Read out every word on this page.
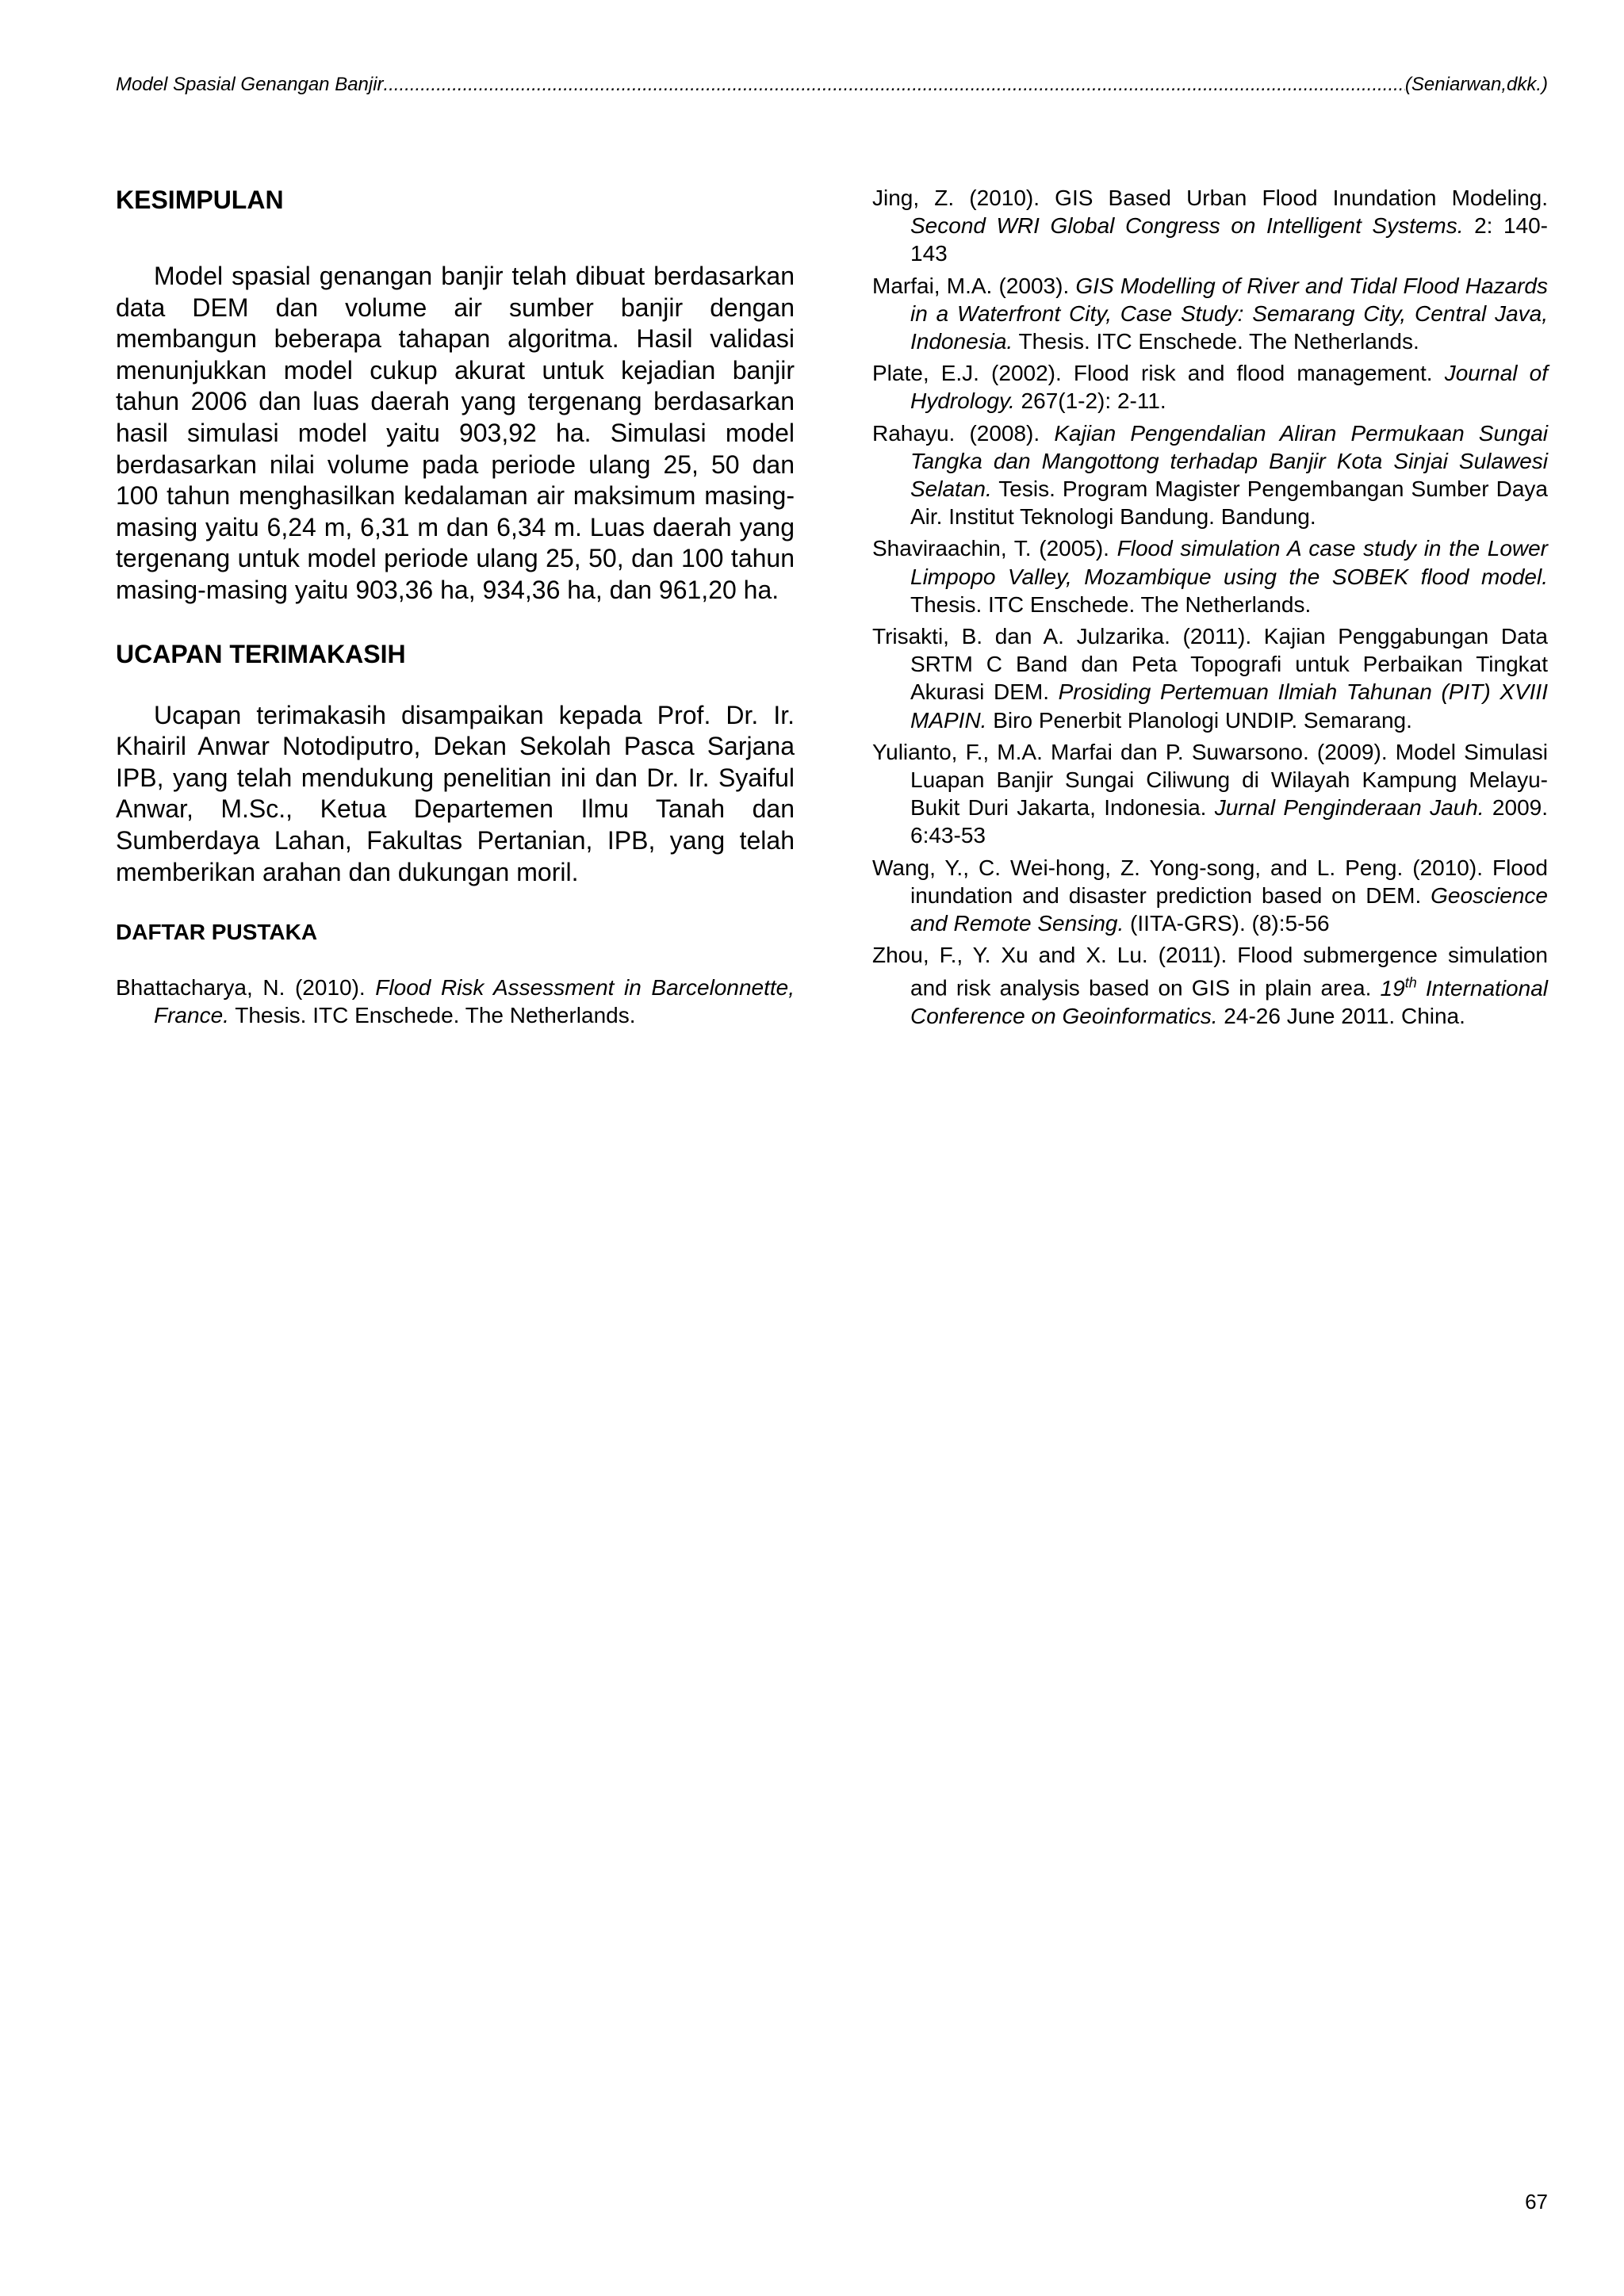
Model Spasial Genangan Banjir
.....	(Seniarwan,dkk.)
KESIMPULAN

Model spasial genangan banjir telah dibuat berdasarkan data DEM dan volume air sumber banjir dengan membangun beberapa tahapan algoritma. Hasil validasi menunjukkan model cukup akurat untuk kejadian banjir tahun 2006 dan luas daerah yang tergenang berdasarkan hasil simulasi model yaitu 903,92 ha. Simulasi model berdasarkan nilai volume pada periode ulang 25, 50 dan 100 tahun menghasilkan kedalaman air maksimum masing-masing yaitu 6,24 m, 6,31 m dan 6,34 m. Luas daerah yang tergenang untuk model periode ulang 25, 50, dan 100 tahun masing-masing yaitu 903,36 ha, 934,36 ha, dan 961,20 ha.

UCAPAN TERIMAKASIH

Ucapan terimakasih disampaikan kepada Prof. Dr. Ir. Khairil Anwar Notodiputro, Dekan Sekolah Pasca Sarjana IPB, yang telah mendukung penelitian ini dan Dr. Ir. Syaiful Anwar, M.Sc., Ketua Departemen Ilmu Tanah dan Sumberdaya Lahan, Fakultas Pertanian, IPB, yang telah memberikan arahan dan dukungan moril.

DAFTAR PUSTAKA

Bhattacharya, N. (2010). Flood Risk Assessment in Barcelonnette, France. Thesis. ITC Enschede. The Netherlands.

Jing, Z. (2010). GIS Based Urban Flood Inundation Modeling. Second WRI Global Congress on Intelligent Systems. 2: 140-143

Marfai, M.A. (2003). GIS Modelling of River and Tidal Flood Hazards in a Waterfront City, Case Study: Semarang City, Central Java, Indonesia. Thesis. ITC Enschede. The Netherlands.

Plate, E.J. (2002). Flood risk and flood management. Journal of Hydrology. 267(1-2): 2-11.

Rahayu. (2008). Kajian Pengendalian Aliran Permukaan Sungai Tangka dan Mangottong terhadap Banjir Kota Sinjai Sulawesi Selatan. Tesis. Program Magister Pengembangan Sumber Daya Air. Institut Teknologi Bandung. Bandung.

Shaviraachin, T. (2005). Flood simulation A case study in the Lower Limpopo Valley, Mozambique using the SOBEK flood model. Thesis. ITC Enschede. The Netherlands.

Trisakti, B. dan A. Julzarika. (2011). Kajian Penggabungan Data SRTM C Band dan Peta Topografi untuk Perbaikan Tingkat Akurasi DEM. Prosiding Pertemuan Ilmiah Tahunan (PIT) XVIII MAPIN. Biro Penerbit Planologi UNDIP. Semarang.

Yulianto, F., M.A. Marfai dan P. Suwarsono. (2009). Model Simulasi Luapan Banjir Sungai Ciliwung di Wilayah Kampung Melayu-Bukit Duri Jakarta, Indonesia. Jurnal Penginderaan Jauh. 2009. 6:43-53

Wang, Y., C. Wei-hong, Z. Yong-song, and L. Peng. (2010). Flood inundation and disaster prediction based on DEM. Geoscience and Remote Sensing. (IITA-GRS). (8):5-56

Zhou, F., Y. Xu and X. Lu. (2011). Flood submergence simulation and risk analysis based on GIS in plain area. 19th International Conference on Geoinformatics. 24-26 June 2011. China.

67
